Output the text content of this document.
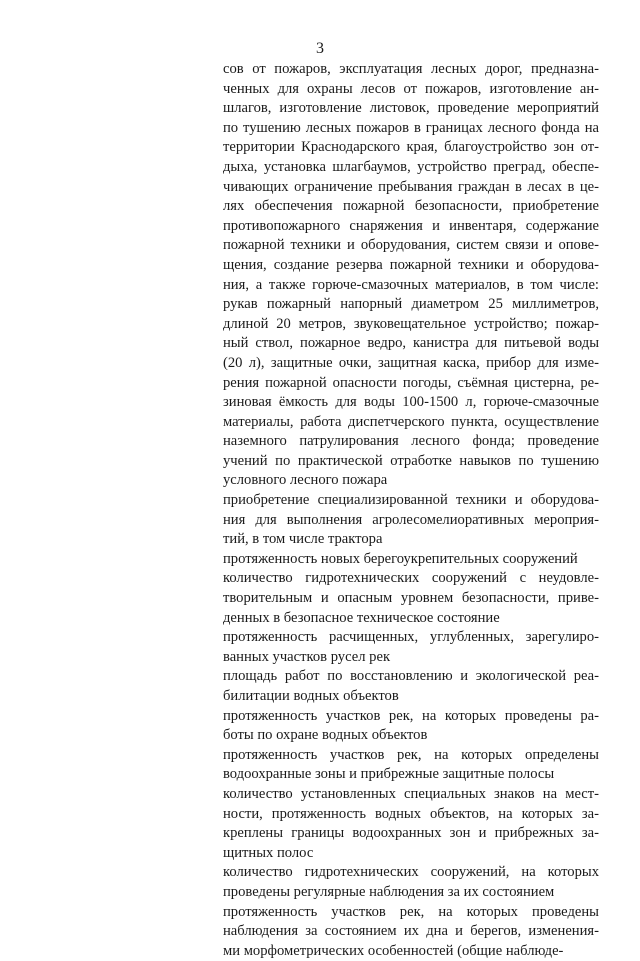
3
сов от пожаров, эксплуатация лесных дорог, предназна-
ченных для охраны лесов от пожаров, изготовление ан-
шлагов, изготовление листовок, проведение мероприятий
по тушению лесных пожаров в границах лесного фонда на
территории Краснодарского края, благоустройство зон от-
дыха, установка шлагбаумов, устройство преград, обеспе-
чивающих ограничение пребывания граждан в лесах в це-
лях обеспечения пожарной безопасности, приобретение
противопожарного снаряжения и инвентаря, содержание
пожарной техники и оборудования, систем связи и опове-
щения, создание резерва пожарной техники и оборудова-
ния, а также горюче-смазочных материалов, в том числе:
рукав пожарный напорный диаметром 25 миллиметров,
длиной 20 метров, звуковещательное устройство; пожар-
ный ствол, пожарное ведро, канистра для питьевой воды
(20 л), защитные очки, защитная каска, прибор для изме-
рения пожарной опасности погоды, съёмная цистерна, ре-
зиновая ёмкость для воды 100-1500 л, горюче-смазочные
материалы, работа диспетчерского пункта, осуществление
наземного патрулирования лесного фонда; проведение
учений по практической отработке навыков по тушению
условного лесного пожара
приобретение специализированной техники и оборудова-
ния для выполнения агролесомелиоративных мероприя-
тий, в том числе трактора
протяженность новых берегоукрепительных сооружений
количество гидротехнических сооружений с неудовле-
творительным и опасным уровнем безопасности, приве-
денных в безопасное техническое состояние
протяженность расчищенных, углубленных, зарегулиро-
ванных участков русел рек
площадь работ по восстановлению и экологической реа-
билитации водных объектов
протяженность участков рек, на которых проведены ра-
боты по охране водных объектов
протяженность участков рек, на которых определены
водоохранные зоны и прибрежные защитные полосы
количество установленных специальных знаков на мест-
ности, протяженность водных объектов, на которых за-
креплены границы водоохранных зон и прибрежных за-
щитных полос
количество гидротехнических сооружений, на которых
проведены регулярные наблюдения за их состоянием
протяженность участков рек, на которых проведены
наблюдения за состоянием их дна и берегов, изменения-
ми морфометрических особенностей (общие наблюде-
